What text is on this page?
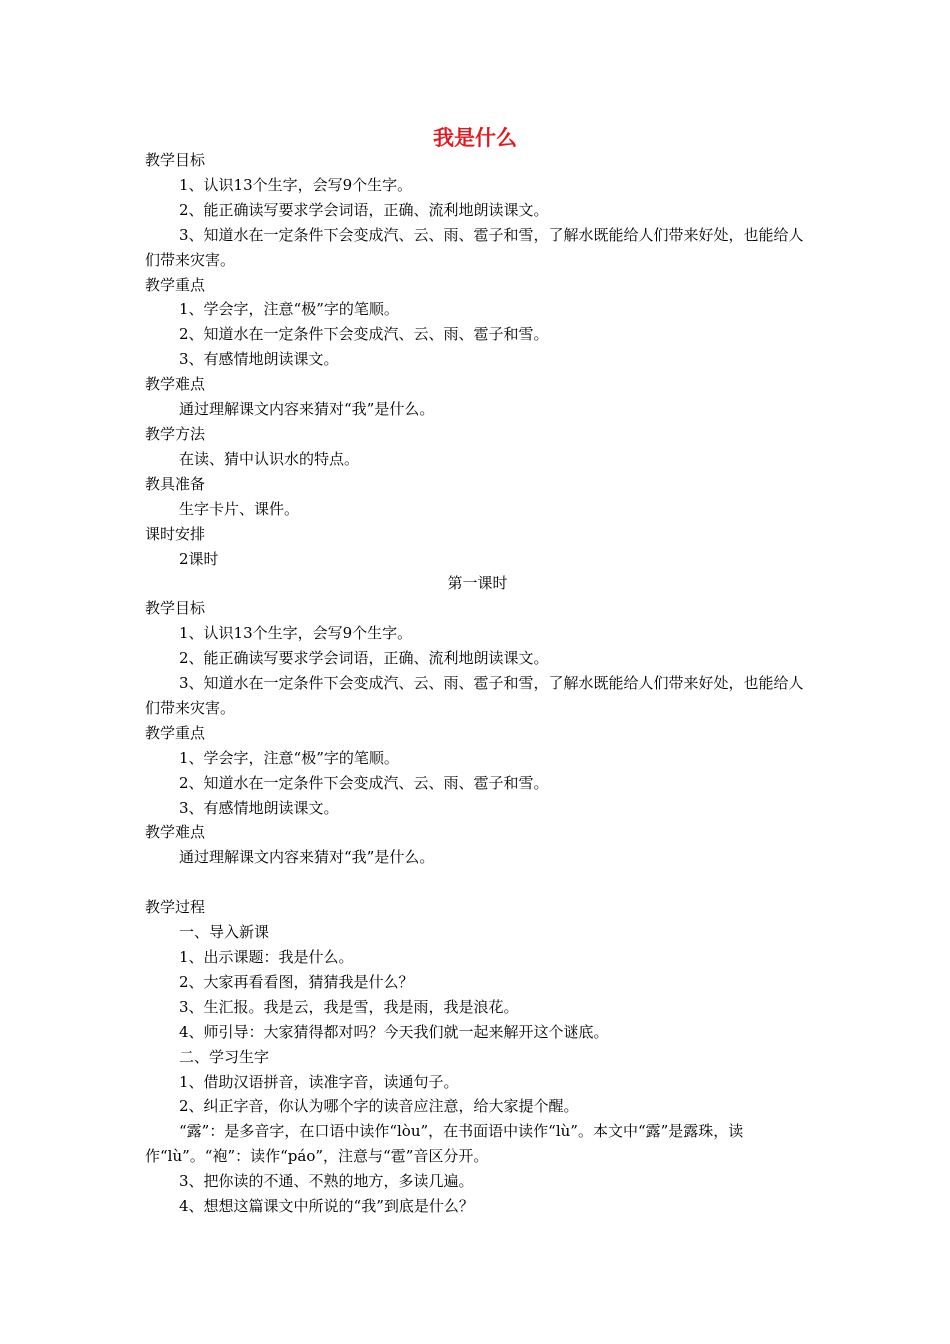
我是什么

教学目标

1、认识13个生字，会写9个生字。

2、能正确读写要求学会词语，正确、流利地朗读课文。

3、知道水在一定条件下会变成汽、云、雨、雹子和雪，了解水既能给人们带来好处，也能给人们带来灾害。

教学重点

1、学会字，注意“极”字的笔顺。

2、知道水在一定条件下会变成汽、云、雨、雹子和雪。

3、有感情地朗读课文。

教学难点

通过理解课文内容来猜对“我”是什么。

教学方法

在读、猜中认识水的特点。

教具准备

生字卡片、课件。

课时安排

2课时

第一课时

教学目标

1、认识13个生字，会写9个生字。

2、能正确读写要求学会词语，正确、流利地朗读课文。

3、知道水在一定条件下会变成汽、云、雨、雹子和雪，了解水既能给人们带来好处，也能给人们带来灾害。

教学重点

1、学会字，注意“极”字的笔顺。

2、知道水在一定条件下会变成汽、云、雨、雹子和雪。

3、有感情地朗读课文。

教学难点

通过理解课文内容来猜对“我”是什么。

教学过程

一、导入新课

1、出示课题：我是什么。

2、大家再看看图，猜猜我是什么？

3、生汇报。我是云，我是雪，我是雨，我是浪花。

4、师引导：大家猜得都对吗？今天我们就一起来解开这个谜底。

二、学习生字

1、借助汉语拼音，读准字音，读通句子。

2、纠正字音，你认为哪个字的读音应注意，给大家提个醒。

“露”：是多音字，在口语中读作“lòu”，在书面语中读作“lù”。本文中“露”是露珠，读作“lù”。“袍”：读作“páo”，注意与“雹”音区分开。

3、把你读的不通、不熟的地方，多读几遍。

4、想想这篇课文中所说的“我”到底是什么？
